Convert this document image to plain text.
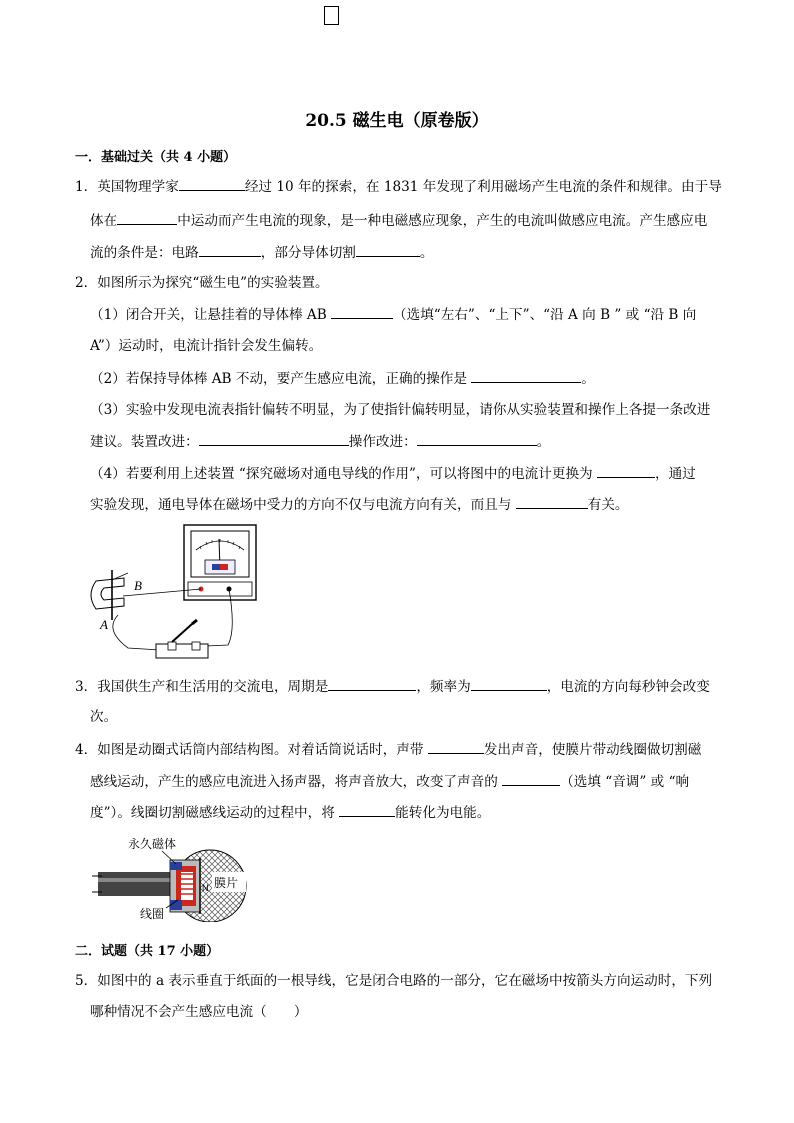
20.5 磁生电（原卷版）
一．基础过关（共 4 小题）
1．英国物理学家	经过 10 年的探索，在 1831 年发现了利用磁场产生电流的条件和规律。由于导
体在	中运动而产生电流的现象，是一种电磁感应现象，产生的电流叫做感应电流。产生感应电
流的条件是：电路	，部分导体切割	。
2．如图所示为探究“磁生电”的实验装置。
（1）闭合开关，让悬挂着的导体棒 AB	（选填“左右”、“上下”、“沿 A 向 B ” 或 “沿 B 向
A”）运动时，电流计指针会发生偏转。
（2）若保持导体棒 AB 不动，要产生感应电流，正确的操作是	。
（3）实验中发现电流表指针偏转不明显，为了使指针偏转明显，请你从实验装置和操作上各提一条改进
建议。装置改进：	操作改进：	。
（4）若要利用上述装置 “探究磁场对通电导线的作用”，可以将图中的电流计更换为	，通过
实验发现，通电导体在磁场中受力的方向不仅与电流方向有关，而且与	有关。
B
A
3．我国供生产和生活用的交流电，周期是	，频率为	，电流的方向每秒钟会改变
次。
4．如图是动圈式话筒内部结构图。对着话筒说话时，声带	发出声音，使膜片带动线圈做切割磁
感线运动，产生的感应电流进入扬声器，将声音放大，改变了声音的	（选填 “音调” 或 “响
度”）。线圈切割磁感线运动的过程中，将	能转化为电能。
N 膜片
永久磁体
线圈
二．试题（共 17 小题）
5．如图中的 a 表示垂直于纸面的一根导线，它是闭合电路的一部分，它在磁场中按箭头方向运动时，下列
哪种情况不会产生感应电流（　　）
